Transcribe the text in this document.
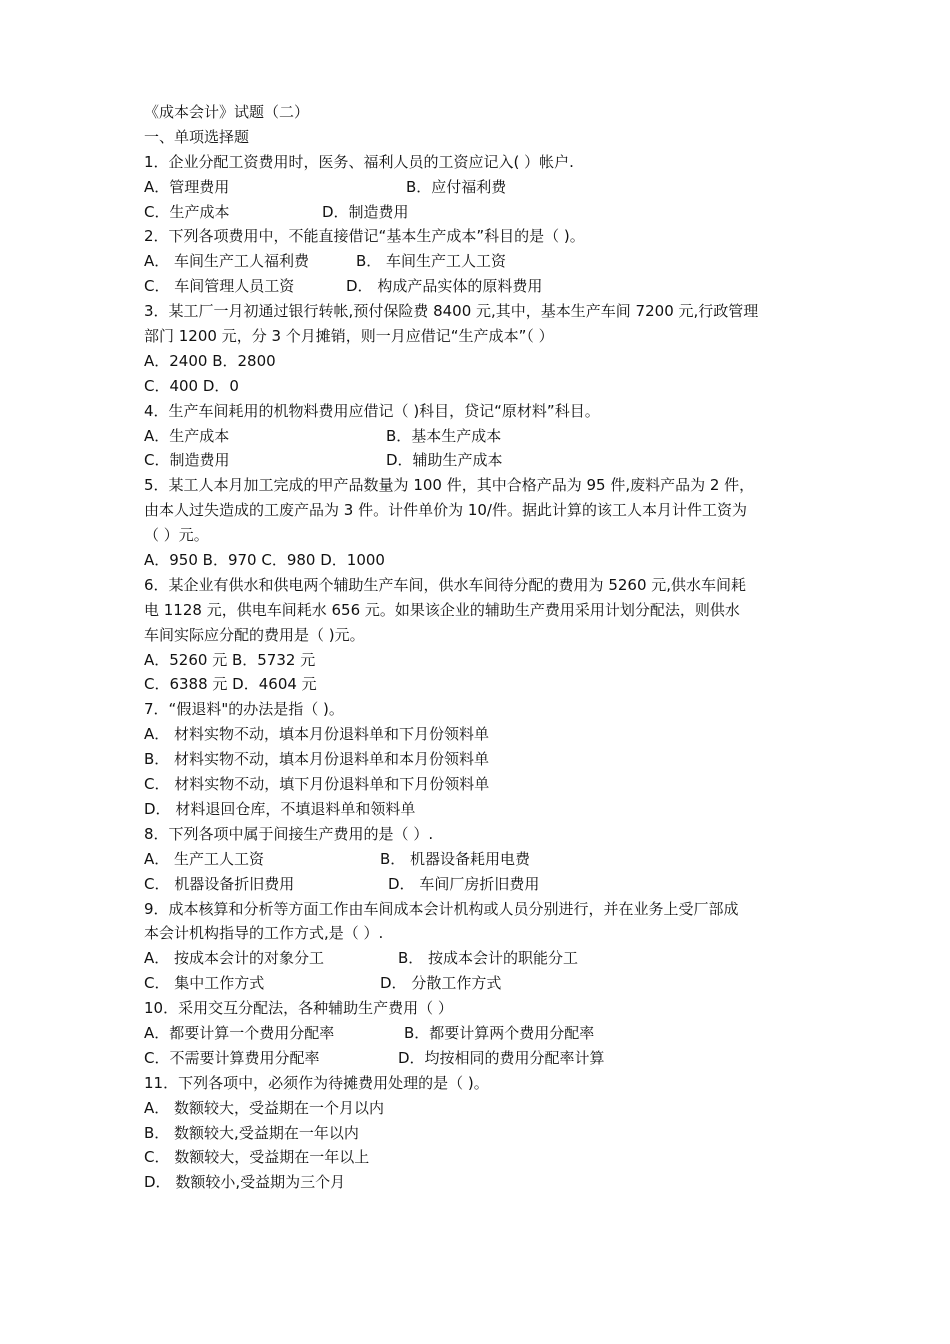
《成本会计》试题（二）
一、单项选择题
1．企业分配工资费用时，医务、福利人员的工资应记入( ）帐户.
A．管理费用	B．应付福利费
C．生产成本	D．制造费用
2．下列各项费用中，不能直接借记“基本生产成本”科目的是（ )。
A． 车间生产工人福利费	B． 车间生产工人工资
C． 车间管理人员工资	D． 构成产品实体的原料费用
3．某工厂一月初通过银行转帐,预付保险费 8400 元,其中，基本生产车间 7200 元,行政管理
部门 1200 元，分 3 个月摊销，则一月应借记“生产成本”（ ）
A．2400 B．2800
C．400 D．0
4．生产车间耗用的机物料费用应借记（ )科目，贷记“原材料”科目。
A．生产成本	B．基本生产成本
C．制造费用	D．辅助生产成本
5．某工人本月加工完成的甲产品数量为 100 件，其中合格产品为 95 件,废料产品为 2 件，
由本人过失造成的工废产品为 3 件。计件单价为 10/件。据此计算的该工人本月计件工资为
（ ）元。
A．950 B．970 C．980 D．1000
6．某企业有供水和供电两个辅助生产车间，供水车间待分配的费用为 5260 元,供水车间耗
电 1128 元，供电车间耗水 656 元。如果该企业的辅助生产费用采用计划分配法，则供水
车间实际应分配的费用是（ )元。
A．5260 元 B．5732 元
C．6388 元 D．4604 元
7．“假退料"的办法是指（ )。
A． 材料实物不动，填本月份退料单和下月份领料单
B． 材料实物不动，填本月份退料单和本月份领料单
C． 材料实物不动，填下月份退料单和下月份领料单
D． 材料退回仓库，不填退料单和领料单
8．下列各项中属于间接生产费用的是（ ）.
A． 生产工人工资	B． 机器设备耗用电费
C． 机器设备折旧费用	D． 车间厂房折旧费用
9．成本核算和分析等方面工作由车间成本会计机构或人员分别进行，并在业务上受厂部成
本会计机构指导的工作方式,是（ ）.
A． 按成本会计的对象分工	B． 按成本会计的职能分工
C． 集中工作方式	D． 分散工作方式
10．采用交互分配法，各种辅助生产费用（ ）
A．都要计算一个费用分配率	B．都要计算两个费用分配率
C．不需要计算费用分配率	D．均按相同的费用分配率计算
11．下列各项中，必须作为待摊费用处理的是（ )。
A． 数额较大，受益期在一个月以内
B． 数额较大,受益期在一年以内
C． 数额较大，受益期在一年以上
D． 数额较小,受益期为三个月
